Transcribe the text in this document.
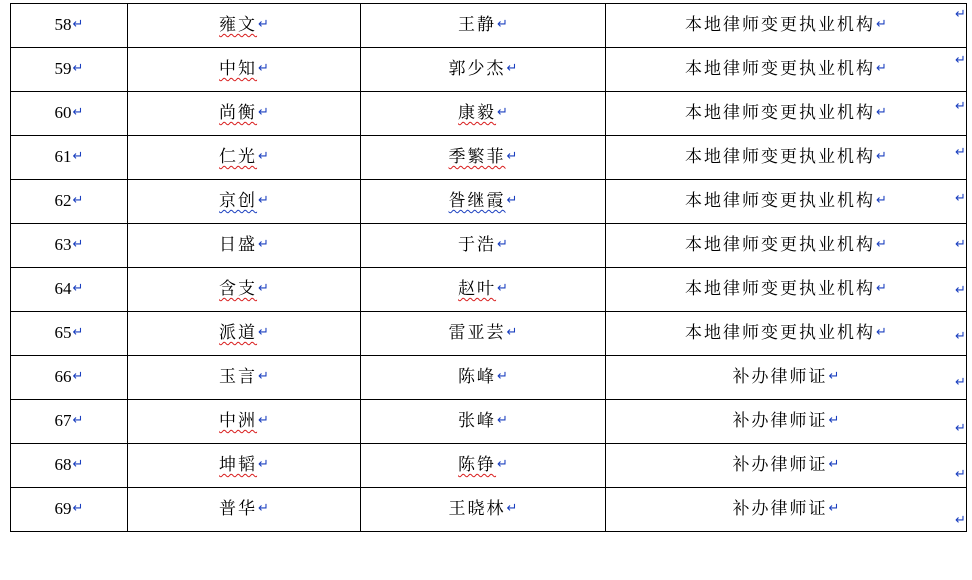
58↵	雍文↵	王静↵	本地律师变更执业机构↵
59↵	中知↵	郭少杰↵	本地律师变更执业机构↵
60↵	尚衡↵	康毅↵	本地律师变更执业机构↵
61↵	仁光↵	季繁菲↵	本地律师变更执业机构↵
62↵	京创↵	昝继霞↵	本地律师变更执业机构↵
63↵	日盛↵	于浩↵	本地律师变更执业机构↵
64↵	含支↵	赵叶↵	本地律师变更执业机构↵
65↵	派道↵	雷亚芸↵	本地律师变更执业机构↵
66↵	玉言↵	陈峰↵	补办律师证↵
67↵	中洲↵	张峰↵	补办律师证↵
68↵	坤韬↵	陈铮↵	补办律师证↵
69↵	普华↵	王晓林↵	补办律师证↵
↵
↵
↵
↵
↵
↵
↵
↵
↵
↵
↵
↵
